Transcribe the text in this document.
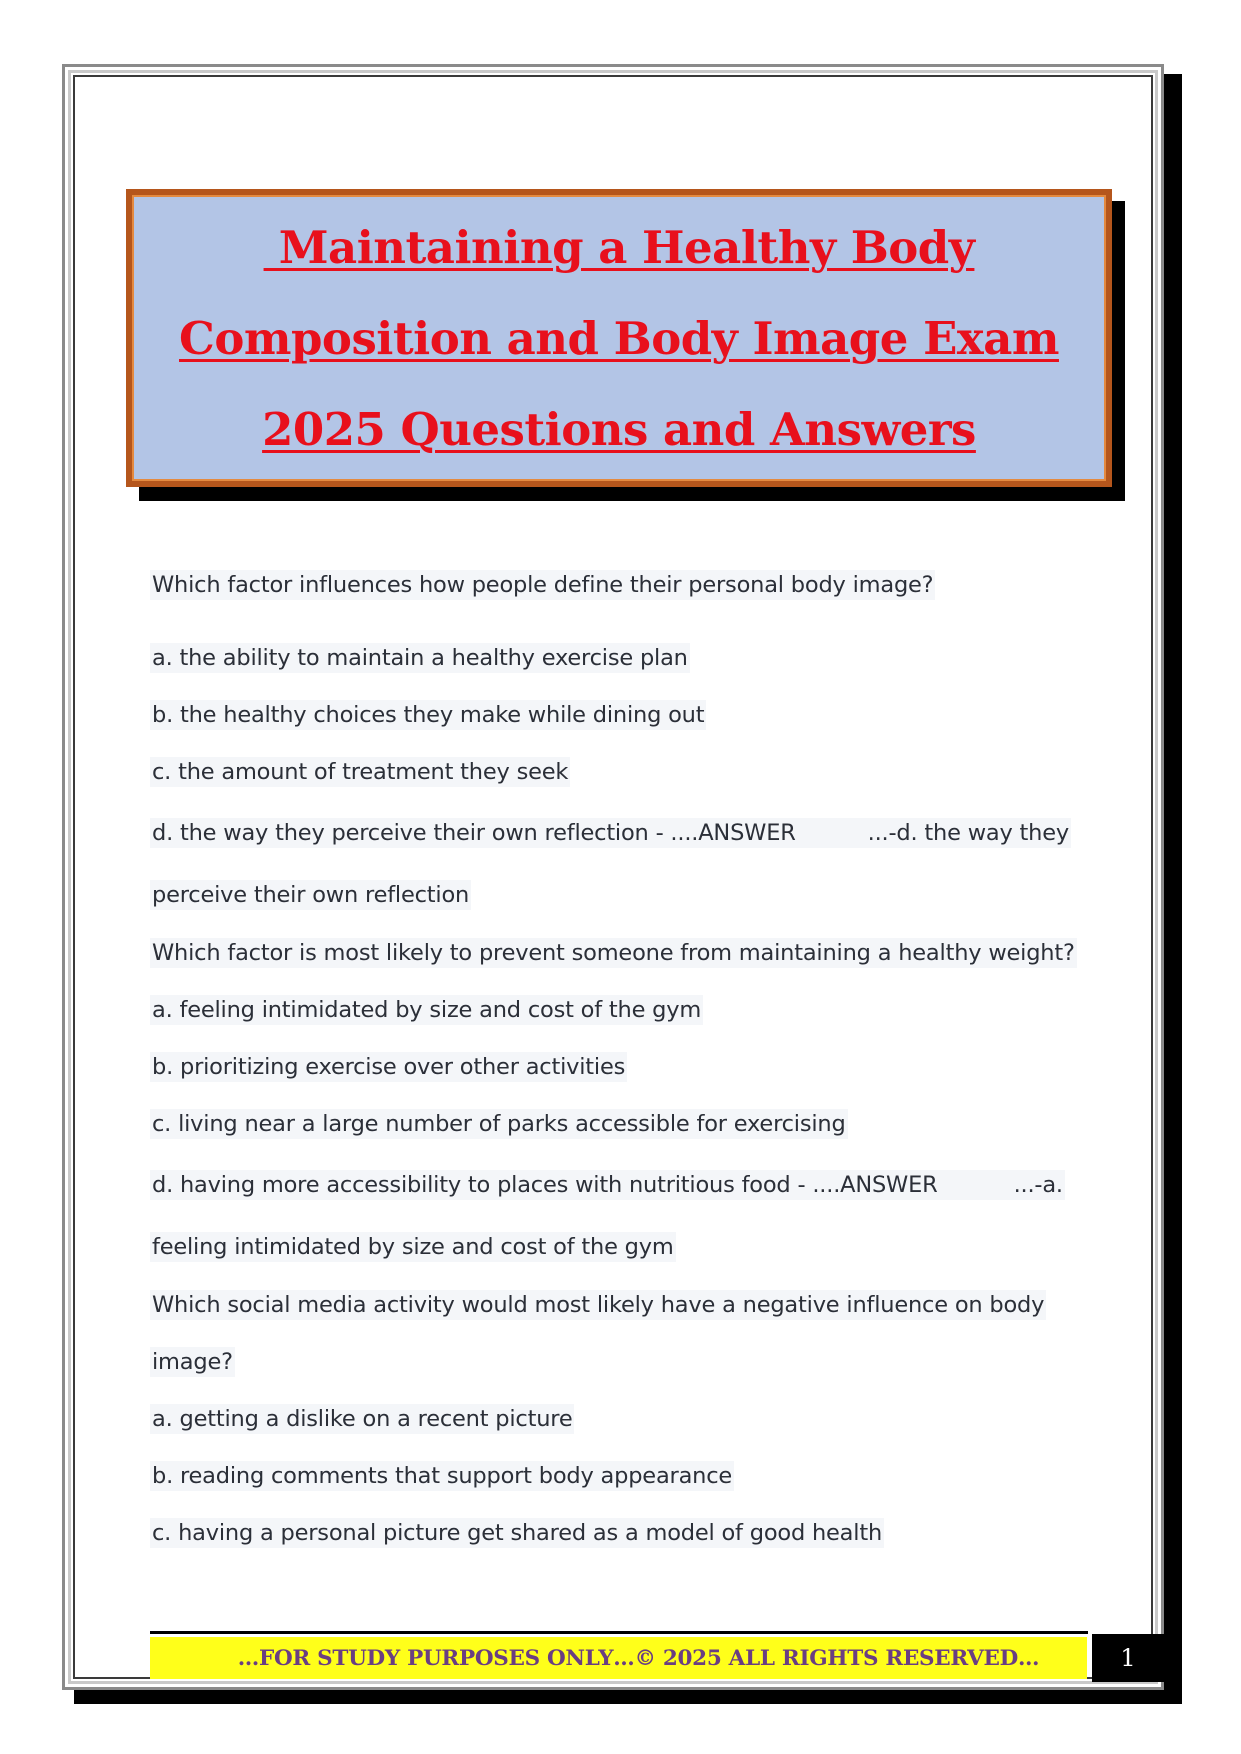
Maintaining a Healthy Body
Composition and Body Image Exam
2025 Questions and Answers
Which factor influences how people define their personal body image?
a. the ability to maintain a healthy exercise plan
b. the healthy choices they make while dining out
c. the amount of treatment they seek
d. the way they perceive their own reflection - ....ANSWER	...-d. the way they
perceive their own reflection
Which factor is most likely to prevent someone from maintaining a healthy weight?
a. feeling intimidated by size and cost of the gym
b. prioritizing exercise over other activities
c. living near a large number of parks accessible for exercising
d. having more accessibility to places with nutritious food - ....ANSWER	...-a.
feeling intimidated by size and cost of the gym
Which social media activity would most likely have a negative influence on body
image?
a. getting a dislike on a recent picture
b. reading comments that support body appearance
c. having a personal picture get shared as a model of good health
…FOR STUDY PURPOSES ONLY…© 2025 ALL RIGHTS RESERVED…	1
